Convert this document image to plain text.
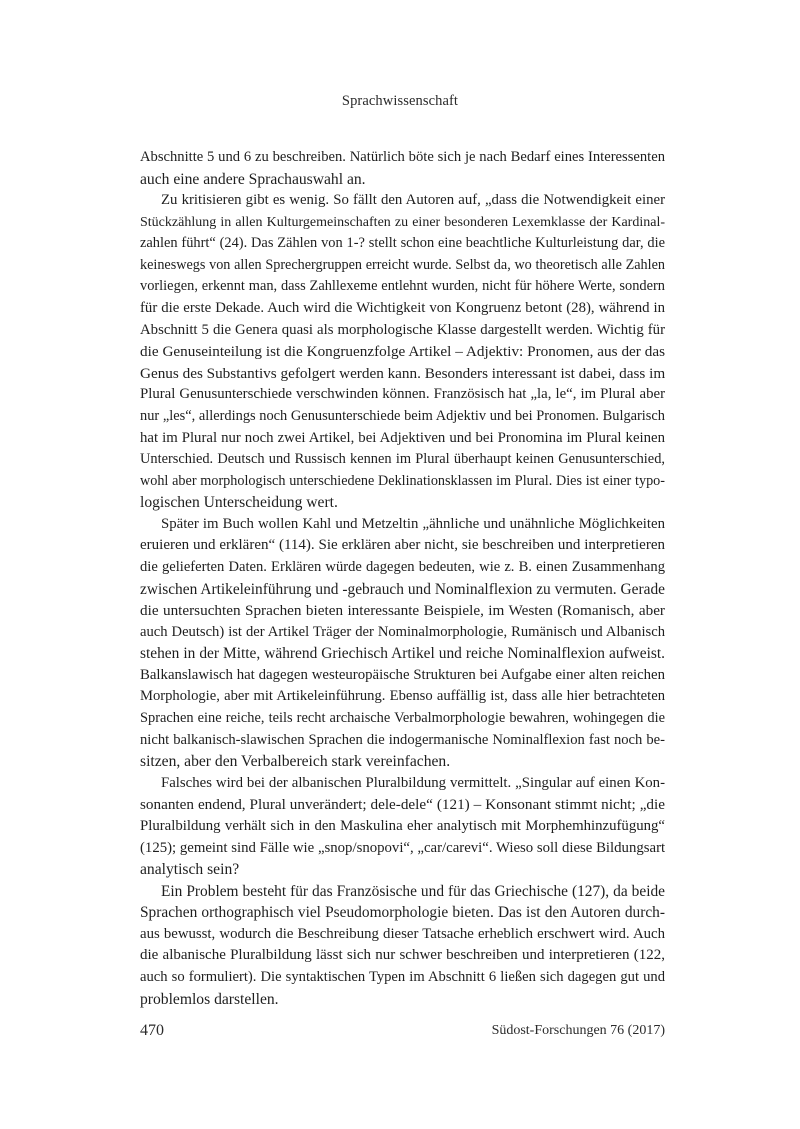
Sprachwissenschaft
Abschnitte 5 und 6 zu beschreiben. Natürlich böte sich je nach Bedarf eines Interessenten
auch eine andere Sprachauswahl an.
Zu kritisieren gibt es wenig. So fällt den Autoren auf, „dass die Notwendigkeit einer
Stückzählung in allen Kulturgemeinschaften zu einer besonderen Lexemklasse der Kardinal-
zahlen führt“ (24). Das Zählen von 1-? stellt schon eine beachtliche Kulturleistung dar, die
keineswegs von allen Sprechergruppen erreicht wurde. Selbst da, wo theoretisch alle Zahlen
vorliegen, erkennt man, dass Zahllexeme entlehnt wurden, nicht für höhere Werte, sondern
für die erste Dekade. Auch wird die Wichtigkeit von Kongruenz betont (28), während in
Abschnitt 5 die Genera quasi als morphologische Klasse dargestellt werden. Wichtig für
die Genuseinteilung ist die Kongruenzfolge Artikel – Adjektiv: Pronomen, aus der das
Genus des Substantivs gefolgert werden kann. Besonders interessant ist dabei, dass im
Plural Genusunterschiede verschwinden können. Französisch hat „la, le“, im Plural aber
nur „les“, allerdings noch Genusunterschiede beim Adjektiv und bei Pronomen. Bulgarisch
hat im Plural nur noch zwei Artikel, bei Adjektiven und bei Pronomina im Plural keinen
Unterschied. Deutsch und Russisch kennen im Plural überhaupt keinen Genusunterschied,
wohl aber morphologisch unterschiedene Deklinationsklassen im Plural. Dies ist einer typo-
logischen Unterscheidung wert.
Später im Buch wollen Kahl und Metzeltin „ähnliche und unähnliche Möglichkeiten
eruieren und erklären“ (114). Sie erklären aber nicht, sie beschreiben und interpretieren
die gelieferten Daten. Erklären würde dagegen bedeuten, wie z. B. einen Zusammenhang
zwischen Artikeleinführung und -gebrauch und Nominalflexion zu vermuten. Gerade
die untersuchten Sprachen bieten interessante Beispiele, im Westen (Romanisch, aber
auch Deutsch) ist der Artikel Träger der Nominalmorphologie, Rumänisch und Albanisch
stehen in der Mitte, während Griechisch Artikel und reiche Nominalflexion aufweist.
Balkanslawisch hat dagegen westeuropäische Strukturen bei Aufgabe einer alten reichen
Morphologie, aber mit Artikeleinführung. Ebenso auffällig ist, dass alle hier betrachteten
Sprachen eine reiche, teils recht archaische Verbalmorphologie bewahren, wohingegen die
nicht balkanisch-slawischen Sprachen die indogermanische Nominalflexion fast noch be-
sitzen, aber den Verbalbereich stark vereinfachen.
Falsches wird bei der albanischen Pluralbildung vermittelt. „Singular auf einen Kon-
sonanten endend, Plural unverändert; dele-dele“ (121) – Konsonant stimmt nicht; „die
Pluralbildung verhält sich in den Maskulina eher analytisch mit Morphemhinzufügung“
(125); gemeint sind Fälle wie „snop/snopovi“, „car/carevi“. Wieso soll diese Bildungsart
analytisch sein?
Ein Problem besteht für das Französische und für das Griechische (127), da beide
Sprachen orthographisch viel Pseudomorphologie bieten. Das ist den Autoren durch-
aus bewusst, wodurch die Beschreibung dieser Tatsache erheblich erschwert wird. Auch
die albanische Pluralbildung lässt sich nur schwer beschreiben und interpretieren (122,
auch so formuliert). Die syntaktischen Typen im Abschnitt 6 ließen sich dagegen gut und
problemlos darstellen.
470	Südost-Forschungen 76 (2017)
